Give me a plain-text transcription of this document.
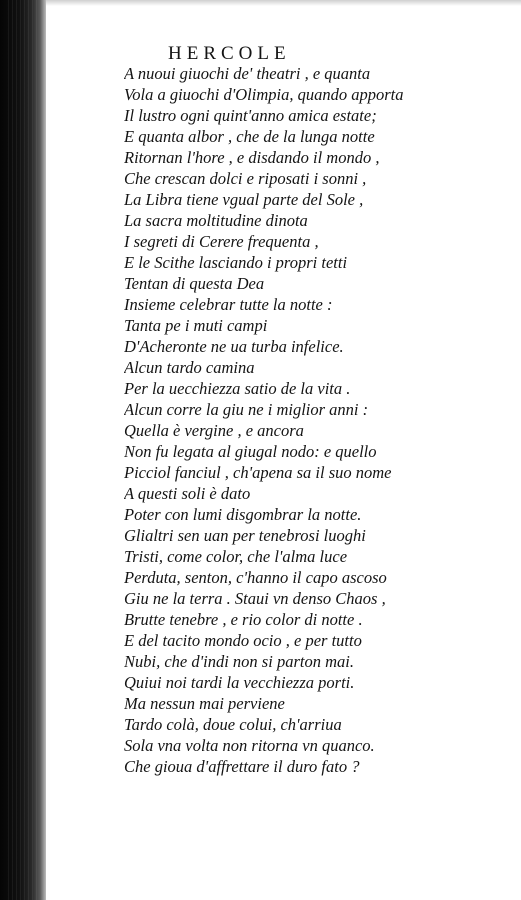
HERCOLE
A nuoui giuochi de' theatri , e quanta
Vola a giuochi d'Olimpia, quando apporta
Il lustro ogni quint'anno amica estate;
E quanta albor , che de la lunga notte
Ritornan l'hore , e disdando il mondo ,
Che crescan dolci e riposati i sonni ,
La Libra tiene vgual parte del Sole ,
La sacra moltitudine dinota
I segreti di Cerere frequenta ,
E le Scithe lasciando i propri tetti
Tentan di questa Dea
Insieme celebrar tutte la notte :
Tanta pe i muti campi
D'Acheronte ne ua turba infelice.
Alcun tardo camina
Per la uecchiezza satio de la vita .
Alcun corre la giu ne i miglior anni :
Quella è vergine , e ancora
Non fu legata al giugal nodo: e quello
Picciol fanciul , ch'apena sa il suo nome
A questi soli è dato
Poter con lumi disgombrar la notte.
Glialtri sen uan per tenebrosi luoghi
Tristi, come color, che l'alma luce
Perduta, senton, c'hanno il capo ascoso
Giu ne la terra . Staui vn denso Chaos ,
Brutte tenebre , e rio color di notte .
E del tacito mondo ocio , e per tutto
Nubi, che d'indi non si parton mai.
Quiui noi tardi la vecchiezza porti.
Ma nessun mai perviene
Tardo colà, doue colui, ch'arriua
Sola vna volta non ritorna vn quanco.
Che gioua d'affrettare il duro fato ?
